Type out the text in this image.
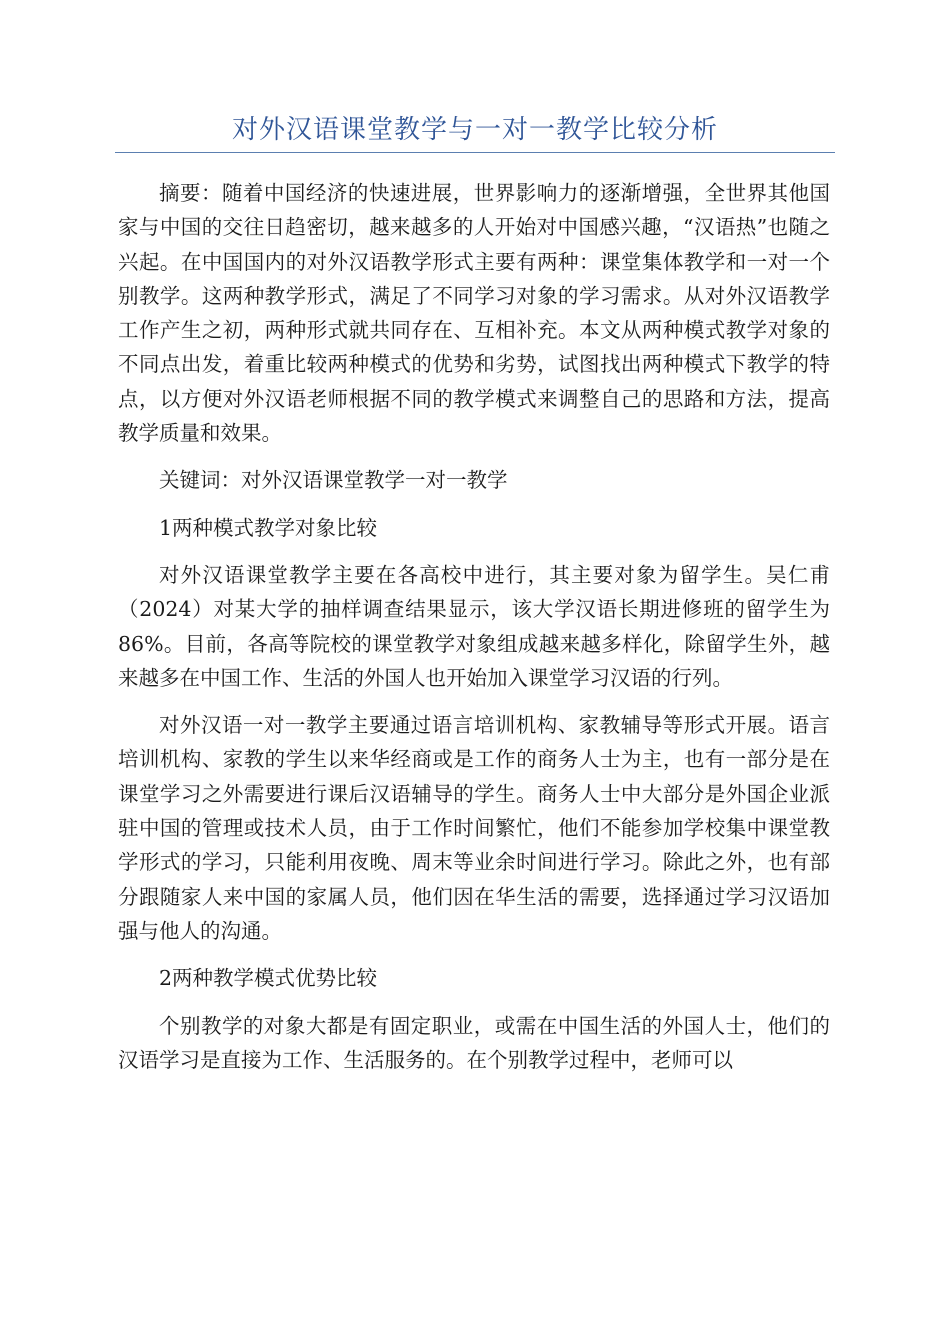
对外汉语课堂教学与一对一教学比较分析

摘要：随着中国经济的快速进展，世界影响力的逐渐增强，全世界其他国家与中国的交往日趋密切，越来越多的人开始对中国感兴趣，“汉语热”也随之兴起。在中国国内的对外汉语教学形式主要有两种：课堂集体教学和一对一个别教学。这两种教学形式，满足了不同学习对象的学习需求。从对外汉语教学工作产生之初，两种形式就共同存在、互相补充。本文从两种模式教学对象的不同点出发，着重比较两种模式的优势和劣势，试图找出两种模式下教学的特点，以方便对外汉语老师根据不同的教学模式来调整自己的思路和方法，提高教学质量和效果。

关键词：对外汉语课堂教学一对一教学

1两种模式教学对象比较

对外汉语课堂教学主要在各高校中进行，其主要对象为留学生。吴仁甫（2024）对某大学的抽样调查结果显示，该大学汉语长期进修班的留学生为86%。目前，各高等院校的课堂教学对象组成越来越多样化，除留学生外，越来越多在中国工作、生活的外国人也开始加入课堂学习汉语的行列。

对外汉语一对一教学主要通过语言培训机构、家教辅导等形式开展。语言培训机构、家教的学生以来华经商或是工作的商务人士为主，也有一部分是在课堂学习之外需要进行课后汉语辅导的学生。商务人士中大部分是外国企业派驻中国的管理或技术人员，由于工作时间繁忙，他们不能参加学校集中课堂教学形式的学习，只能利用夜晚、周末等业余时间进行学习。除此之外，也有部分跟随家人来中国的家属人员，他们因在华生活的需要，选择通过学习汉语加强与他人的沟通。

2两种教学模式优势比较

个别教学的对象大都是有固定职业，或需在中国生活的外国人士，他们的汉语学习是直接为工作、生活服务的。在个别教学过程中，老师可以
